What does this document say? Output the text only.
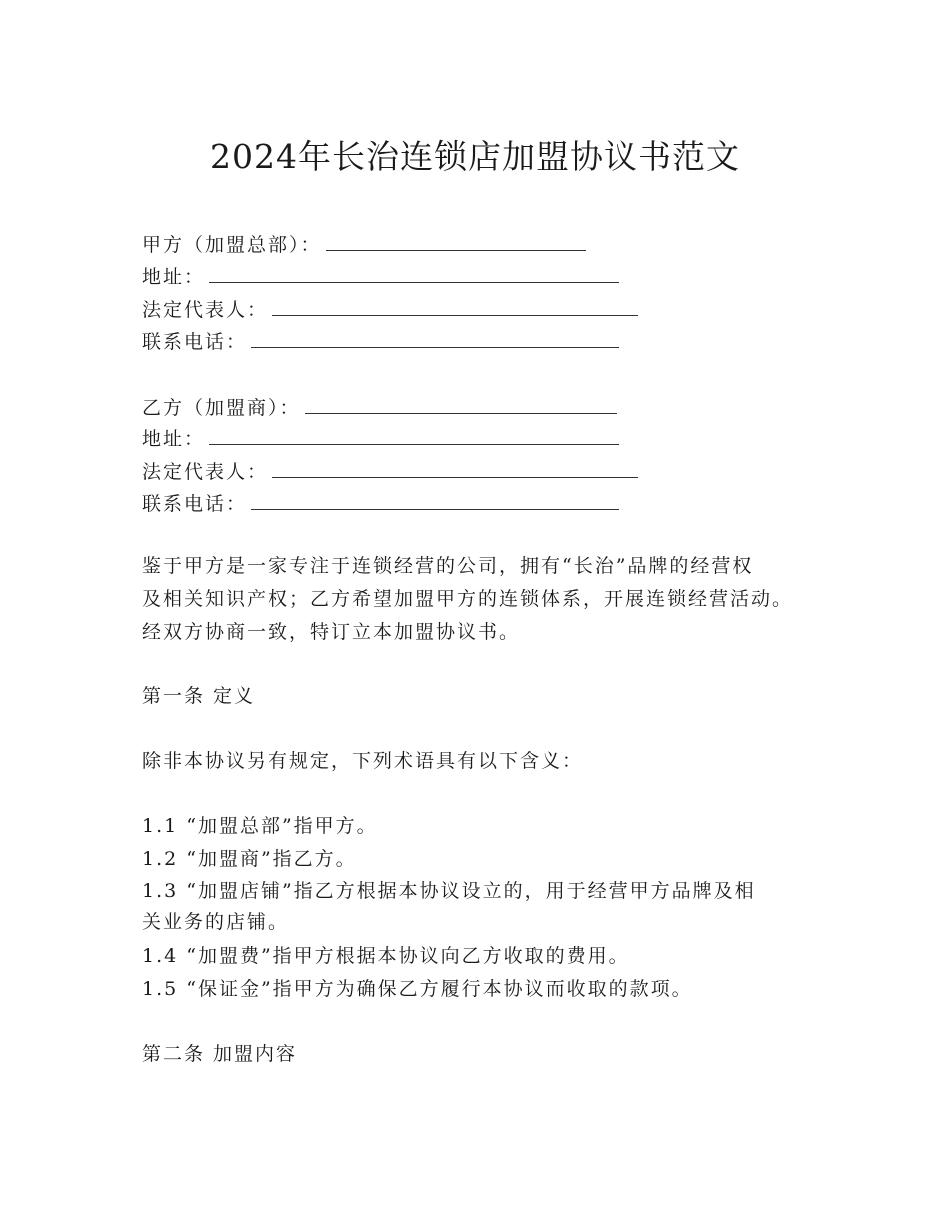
2024年长治连锁店加盟协议书范文
甲方（加盟总部）：
地址：
法定代表人：
联系电话：
乙方（加盟商）：
地址：
法定代表人：
联系电话：
鉴于甲方是一家专注于连锁经营的公司，拥有“长治”品牌的经营权
及相关知识产权；乙方希望加盟甲方的连锁体系，开展连锁经营活动。
经双方协商一致，特订立本加盟协议书。
第一条 定义
除非本协议另有规定，下列术语具有以下含义：
1.1 “加盟总部”指甲方。
1.2 “加盟商”指乙方。
1.3 “加盟店铺”指乙方根据本协议设立的，用于经营甲方品牌及相
关业务的店铺。
1.4 “加盟费”指甲方根据本协议向乙方收取的费用。
1.5 “保证金”指甲方为确保乙方履行本协议而收取的款项。
第二条 加盟内容
